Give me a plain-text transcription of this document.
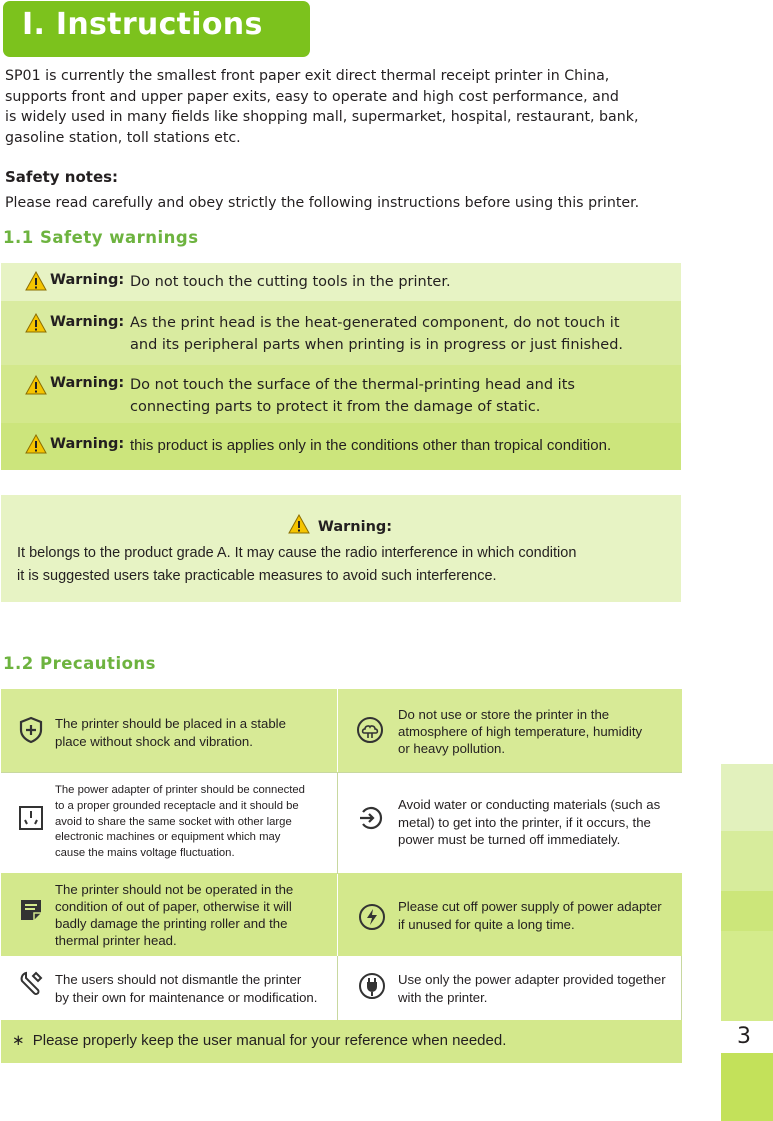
I. Instructions
SP01 is currently the smallest front paper exit direct thermal receipt printer in China,
supports front and upper paper exits, easy to operate and high cost performance, and
is widely used in many fields like shopping mall, supermarket, hospital, restaurant, bank,
gasoline station, toll stations etc.
Safety notes:
Please read carefully and obey strictly the following instructions before using this printer.
1.1 Safety warnings
Warning: Do not touch the cutting tools in the printer.
Warning: As the print head is the heat-generated component, do not touch it
and its peripheral parts when printing is in progress or just finished.
Warning: Do not touch the surface of the thermal-printing head and its
connecting parts to protect it from the damage of static.
Warning: this product is applies only in the conditions other than tropical condition.
Warning:
It belongs to the product grade A. It may cause the radio interference in which condition
it is suggested users take practicable measures to avoid such interference.
1.2 Precautions
The printer should be placed in a stable
place without shock and vibration.
Do not use or store the printer in the
atmosphere of high temperature, humidity
or heavy pollution.
The power adapter of printer should be connected
to a proper grounded receptacle and it should be
avoid to share the same socket with other large
electronic machines or equipment which may
cause the mains voltage fluctuation.
Avoid water or conducting materials (such as
metal) to get into the printer, if it occurs, the
power must be turned off immediately.
The printer should not be operated in the
condition of out of paper, otherwise it will
badly damage the printing roller and the
thermal printer head.
Please cut off power supply of power adapter
if unused for quite a long time.
The users should not dismantle the printer
by their own for maintenance or modification.
Use only the power adapter provided together
with the printer.
∗ Please properly keep the user manual for your reference when needed.	3
